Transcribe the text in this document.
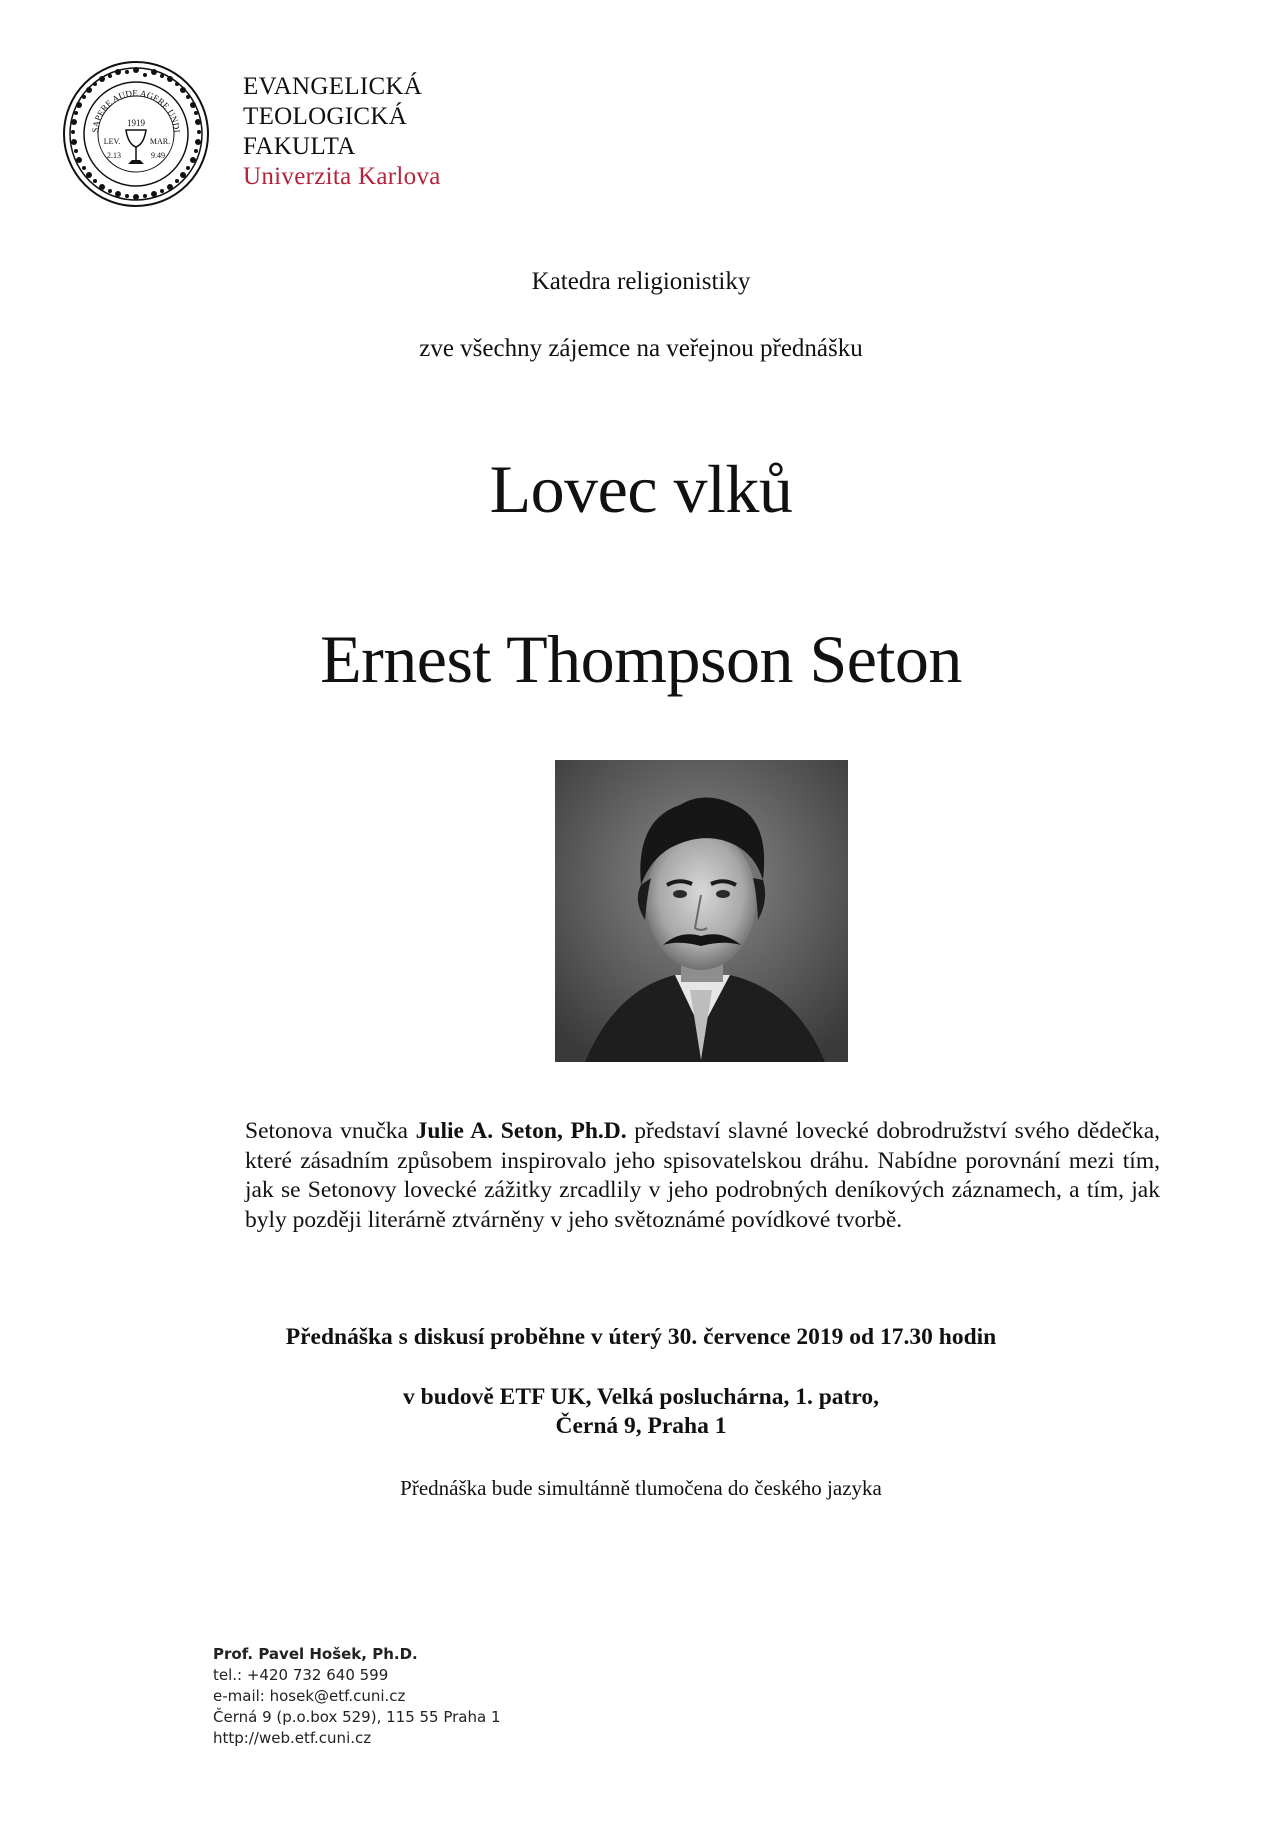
SAPERE AUDE AGERE UNDI
1919
LEV.	MAR.
2.13	9.49
EVANGELICKÁ
TEOLOGICKÁ
FAKULTA
Univerzita Karlova
Katedra religionistiky
zve všechny zájemce na veřejnou přednášku
Lovec vlků
Ernest Thompson Seton
Setonova vnučka Julie A. Seton, Ph.D. představí slavné lovecké dobrodružství svého dědečka, které zásadním způsobem inspirovalo jeho spisovatelskou dráhu. Nabídne porovnání mezi tím, jak se Setonovy lovecké zážitky zrcadlily v jeho podrobných deníkových záznamech, a tím, jak byly později literárně ztvárněny v jeho světoznámé povídkové tvorbě.
Přednáška s diskusí proběhne v úterý 30. července 2019 od 17.30 hodin
v budově ETF UK, Velká posluchárna, 1. patro,
Černá 9, Praha 1
Přednáška bude simultánně tlumočena do českého jazyka
Prof. Pavel Hošek, Ph.D.
tel.: +420 732 640 599
e-mail: hosek@etf.cuni.cz
Černá 9 (p.o.box 529), 115 55 Praha 1
http://web.etf.cuni.cz
